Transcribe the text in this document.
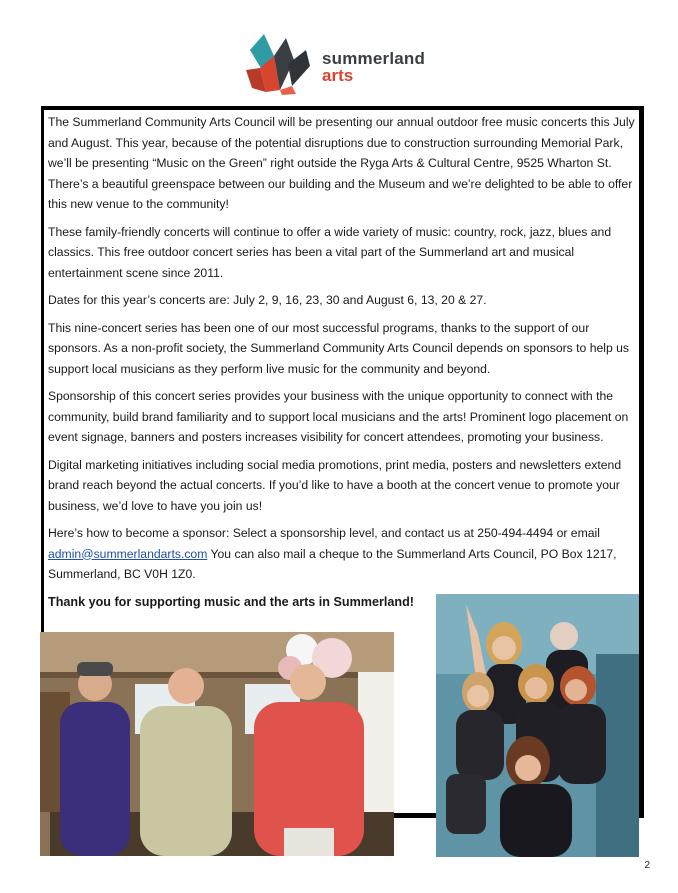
summerland
arts

The Summerland Community Arts Council will be presenting our annual outdoor free music concerts this July and August. This year, because of the potential disruptions due to construction surrounding Memorial Park, we’ll be presenting “Music on the Green” right outside the Ryga Arts & Cultural Centre, 9525 Wharton St. There’s a beautiful greenspace between our building and the Museum and we’re delighted to be able to offer this new venue to the community!

These family-friendly concerts will continue to offer a wide variety of music: country, rock, jazz, blues and classics. This free outdoor concert series has been a vital part of the Summerland art and musical entertainment scene since 2011.

Dates for this year’s concerts are: July 2, 9, 16, 23, 30 and August 6, 13, 20 & 27.

This nine-concert series has been one of our most successful programs, thanks to the support of our sponsors. As a non-profit society, the Summerland Community Arts Council depends on sponsors to help us support local musicians as they perform live music for the community and beyond.

Sponsorship of this concert series provides your business with the unique opportunity to connect with the community, build brand familiarity and to support local musicians and the arts! Prominent logo placement on event signage, banners and posters increases visibility for concert attendees, promoting your business.

Digital marketing initiatives including social media promotions, print media, posters and newsletters extend brand reach beyond the actual concerts. If you’d like to have a booth at the concert venue to promote your business, we’d love to have you join us!

Here’s how to become a sponsor: Select a sponsorship level, and contact us at 250-494-4494 or email admin@summerlandarts.com You can also mail a cheque to the Summerland Arts Council, PO Box 1217, Summerland, BC V0H 1Z0.

Thank you for supporting music and the arts in Summerland!

2
